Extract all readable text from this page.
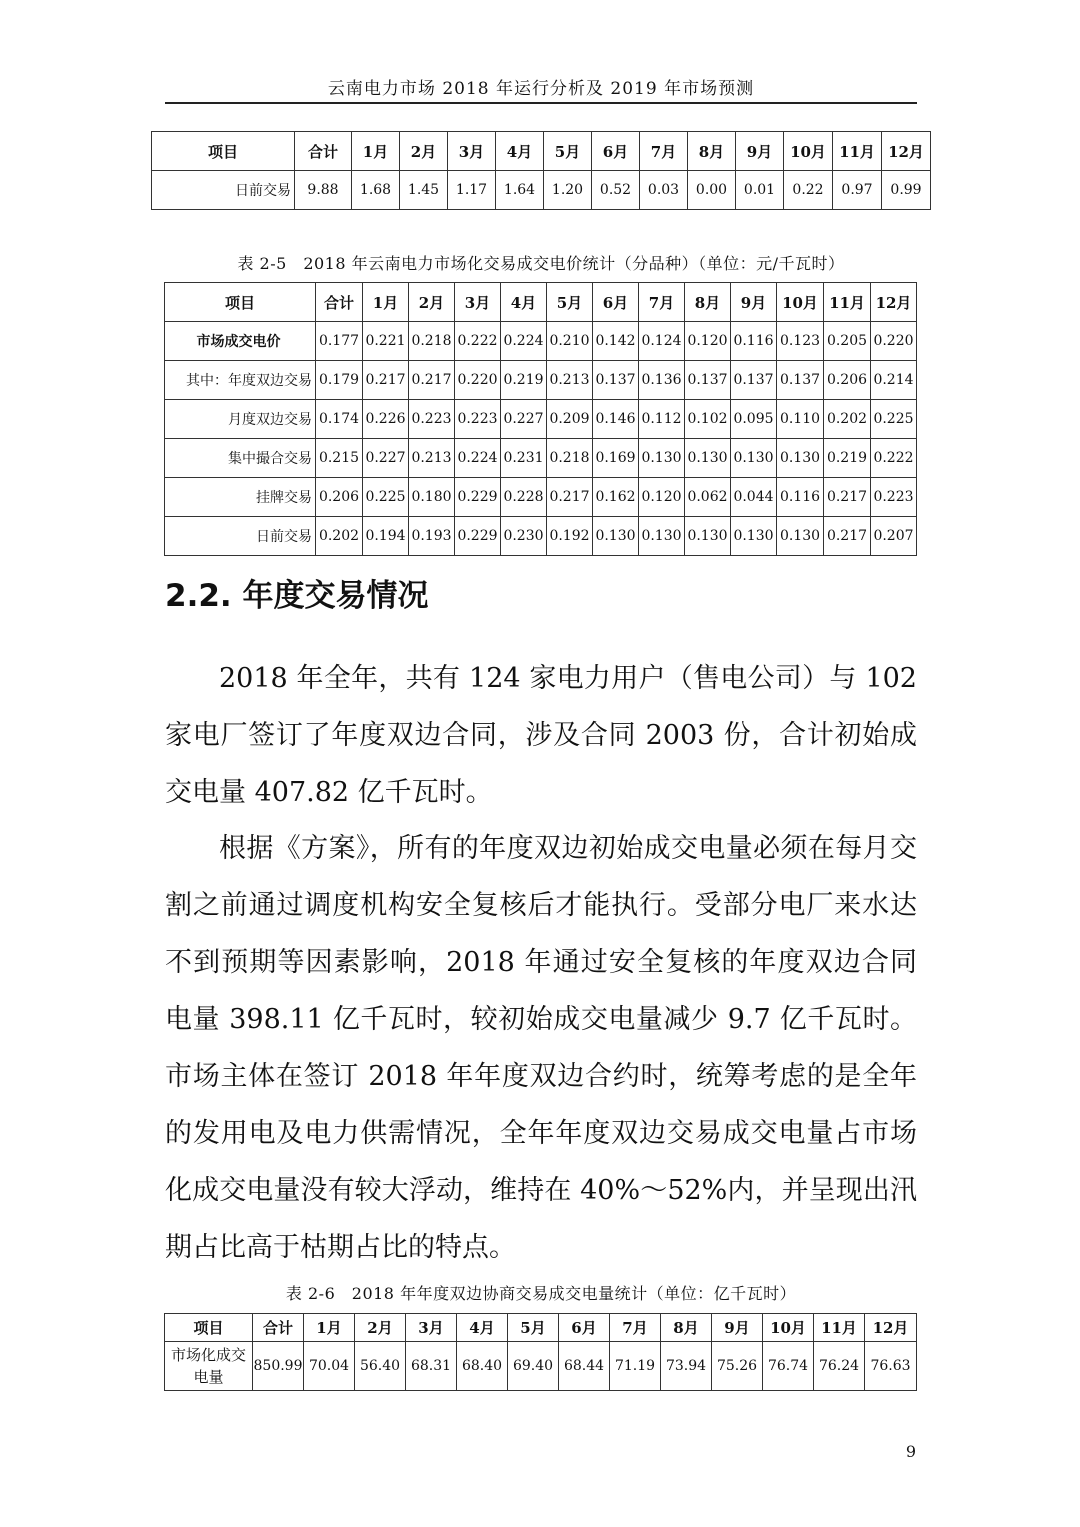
云南电力市场 2018 年运行分析及 2019 年市场预测
项目	合计	1月	2月	3月	4月	5月	6月	7月	8月	9月	10月	11月	12月
日前交易	9.88	1.68	1.45	1.17	1.64	1.20	0.52	0.03	0.00	0.01	0.22	0.97	0.99
表 2-5　2018 年云南电力市场化交易成交电价统计（分品种）（单位：元/千瓦时）
项目	合计	1月	2月	3月	4月	5月	6月	7月	8月	9月	10月	11月	12月
市场成交电价	0.177	0.221	0.218	0.222	0.224	0.210	0.142	0.124	0.120	0.116	0.123	0.205	0.220
其中：年度双边交易	0.179	0.217	0.217	0.220	0.219	0.213	0.137	0.136	0.137	0.137	0.137	0.206	0.214
月度双边交易	0.174	0.226	0.223	0.223	0.227	0.209	0.146	0.112	0.102	0.095	0.110	0.202	0.225
集中撮合交易	0.215	0.227	0.213	0.224	0.231	0.218	0.169	0.130	0.130	0.130	0.130	0.219	0.222
挂牌交易	0.206	0.225	0.180	0.229	0.228	0.217	0.162	0.120	0.062	0.044	0.116	0.217	0.223
日前交易	0.202	0.194	0.193	0.229	0.230	0.192	0.130	0.130	0.130	0.130	0.130	0.217	0.207
2.2. 年度交易情况

2018 年全年，共有 124 家电力用户（售电公司）与 102 家电厂签订了年度双边合同，涉及合同 2003 份，合计初始成交电量 407.82 亿千瓦时。

根据《方案》，所有的年度双边初始成交电量必须在每月交割之前通过调度机构安全复核后才能执行。受部分电厂来水达不到预期等因素影响，2018 年通过安全复核的年度双边合同电量 398.11 亿千瓦时，较初始成交电量减少 9.7 亿千瓦时。市场主体在签订 2018 年年度双边合约时，统筹考虑的是全年的发用电及电力供需情况，全年年度双边交易成交电量占市场化成交电量没有较大浮动，维持在 40%～52%内，并呈现出汛期占比高于枯期占比的特点。

表 2-6　2018 年年度双边协商交易成交电量统计（单位：亿千瓦时）
项目	合计	1月	2月	3月	4月	5月	6月	7月	8月	9月	10月	11月	12月
市场化成交电量	850.99	70.04	56.40	68.31	68.40	69.40	68.44	71.19	73.94	75.26	76.74	76.24	76.63
9
